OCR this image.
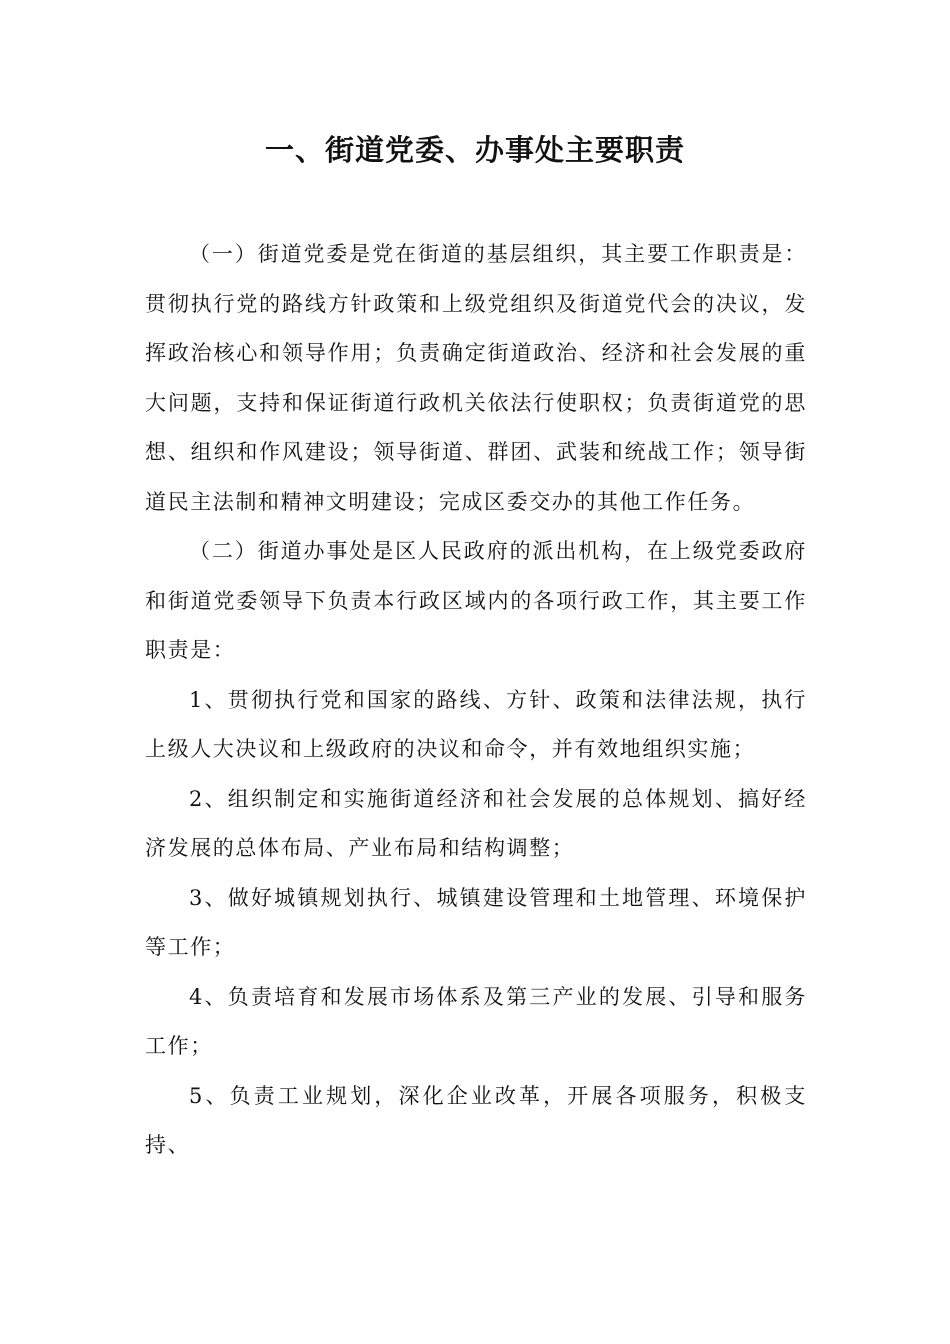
一、街道党委、办事处主要职责

（一）街道党委是党在街道的基层组织，其主要工作职责是：贯彻执行党的路线方针政策和上级党组织及街道党代会的决议，发挥政治核心和领导作用；负责确定街道政治、经济和社会发展的重大问题，支持和保证街道行政机关依法行使职权；负责街道党的思想、组织和作风建设；领导街道、群团、武装和统战工作；领导街道民主法制和精神文明建设；完成区委交办的其他工作任务。

（二）街道办事处是区人民政府的派出机构，在上级党委政府和街道党委领导下负责本行政区域内的各项行政工作，其主要工作职责是：

1、贯彻执行党和国家的路线、方针、政策和法律法规，执行上级人大决议和上级政府的决议和命令，并有效地组织实施；

2、组织制定和实施街道经济和社会发展的总体规划、搞好经济发展的总体布局、产业布局和结构调整；

3、做好城镇规划执行、城镇建设管理和土地管理、环境保护等工作；

4、负责培育和发展市场体系及第三产业的发展、引导和服务工作；

5、负责工业规划，深化企业改革，开展各项服务，积极支持、
